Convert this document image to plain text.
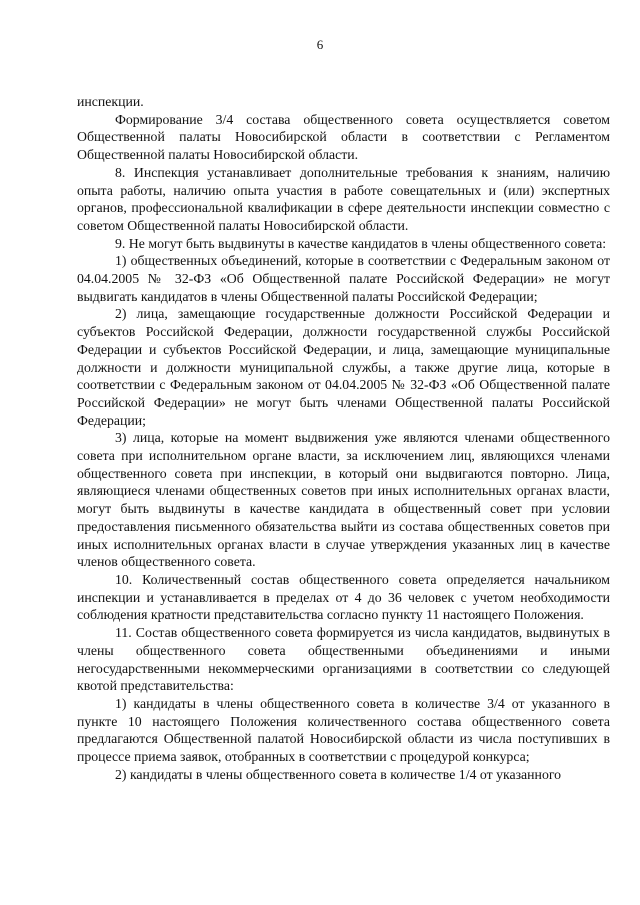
6

инспекции.

Формирование 3/4 состава общественного совета осуществляется советом Общественной палаты Новосибирской области в соответствии с Регламентом Общественной палаты Новосибирской области.

8. Инспекция устанавливает дополнительные требования к знаниям, наличию опыта работы, наличию опыта участия в работе совещательных и (или) экспертных органов, профессиональной квалификации в сфере деятельности инспекции совместно с советом Общественной палаты Новосибирской области.

9. Не могут быть выдвинуты в качестве кандидатов в члены общественного совета:

1) общественных объединений, которые в соответствии с Федеральным законом от 04.04.2005 № 32-ФЗ «Об Общественной палате Российской Федерации» не могут выдвигать кандидатов в члены Общественной палаты Российской Федерации;

2) лица, замещающие государственные должности Российской Федерации и субъектов Российской Федерации, должности государственной службы Российской Федерации и субъектов Российской Федерации, и лица, замещающие муниципальные должности и должности муниципальной службы, а также другие лица, которые в соответствии с Федеральным законом от 04.04.2005 № 32-ФЗ «Об Общественной палате Российской Федерации» не могут быть членами Общественной палаты Российской Федерации;

3) лица, которые на момент выдвижения уже являются членами общественного совета при исполнительном органе власти, за исключением лиц, являющихся членами общественного совета при инспекции, в который они выдвигаются повторно. Лица, являющиеся членами общественных советов при иных исполнительных органах власти, могут быть выдвинуты в качестве кандидата в общественный совет при условии предоставления письменного обязательства выйти из состава общественных советов при иных исполнительных органах власти в случае утверждения указанных лиц в качестве членов общественного совета.

10. Количественный состав общественного совета определяется начальником инспекции и устанавливается в пределах от 4 до 36 человек с учетом необходимости соблюдения кратности представительства согласно пункту 11 настоящего Положения.

11. Состав общественного совета формируется из числа кандидатов, выдвинутых в члены общественного совета общественными объединениями и иными негосударственными некоммерческими организациями в соответствии со следующей квотой представительства:

1) кандидаты в члены общественного совета в количестве 3/4 от указанного в пункте 10 настоящего Положения количественного состава общественного совета предлагаются Общественной палатой Новосибирской области из числа поступивших в процессе приема заявок, отобранных в соответствии с процедурой конкурса;

2) кандидаты в члены общественного совета в количестве 1/4 от указанного
